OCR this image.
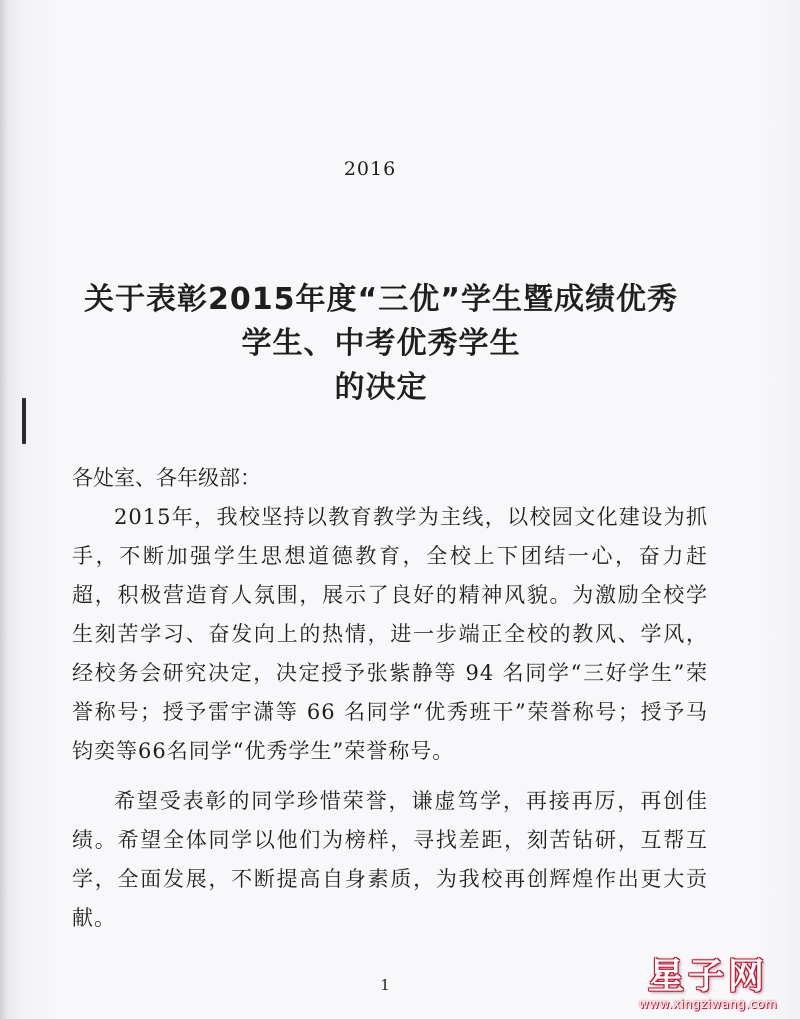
2016
关于表彰2015年度“三优”学生暨成绩优秀
学生、中考优秀学生
的决定
各处室、各年级部：

2015年，我校坚持以教育教学为主线，以校园文化建设为抓手，不断加强学生思想道德教育，全校上下团结一心，奋力赶超，积极营造育人氛围，展示了良好的精神风貌。为激励全校学生刻苦学习、奋发向上的热情，进一步端正全校的教风、学风，经校务会研究决定，决定授予张紫静等 94 名同学“三好学生”荣誉称号；授予雷宇潇等 66 名同学“优秀班干”荣誉称号；授予马钧奕等66名同学“优秀学生”荣誉称号。

希望受表彰的同学珍惜荣誉，谦虚笃学，再接再厉，再创佳绩。希望全体同学以他们为榜样，寻找差距，刻苦钻研，互帮互学，全面发展，不断提高自身素质，为我校再创辉煌作出更大贡献。

1	星子网
www.xingziwang.com
